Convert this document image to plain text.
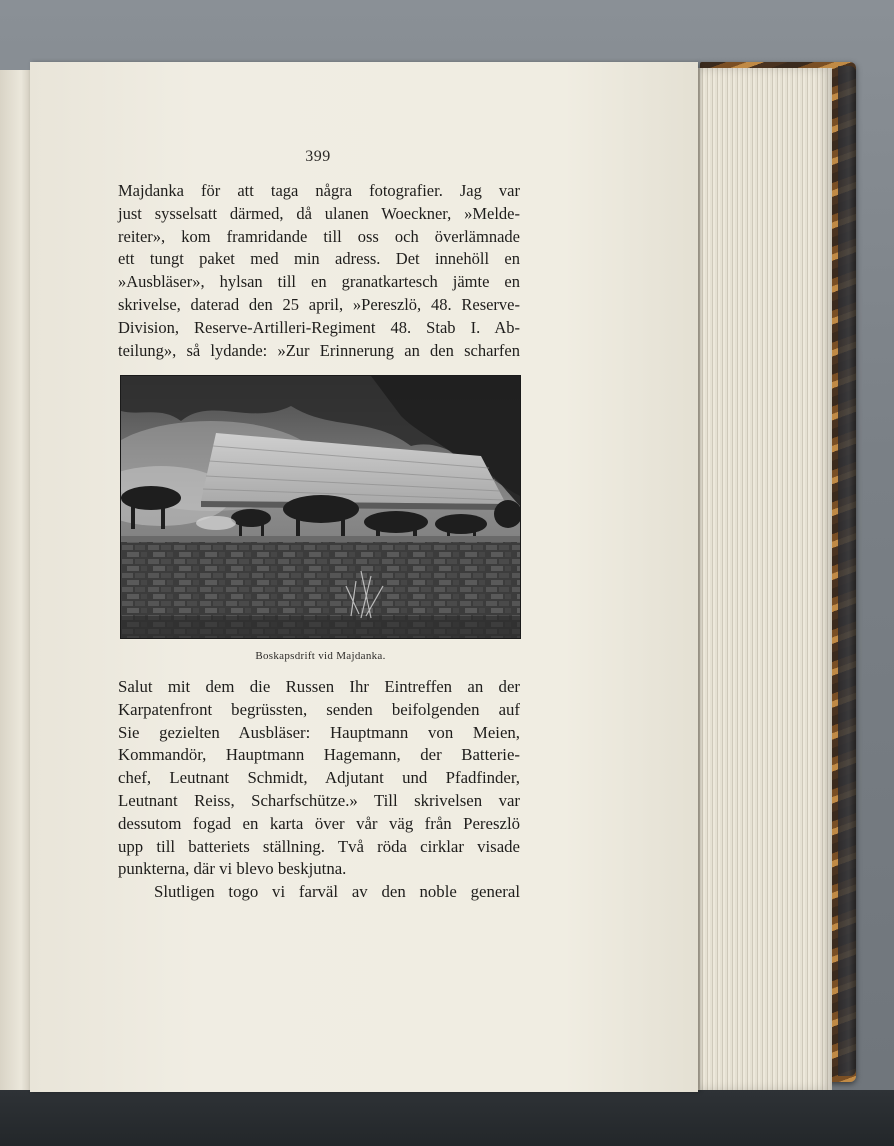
399
Majdanka för att taga några fotografier. Jag var
just sysselsatt därmed, då ulanen Woeckner, »Melde-
reiter», kom framridande till oss och överlämnade
ett tungt paket med min adress. Det innehöll en
»Ausbläser», hylsan till en granatkartesch jämte en
skrivelse, daterad den 25 april, »Pereszlö, 48. Reserve-
Division, Reserve-Artilleri-Regiment 48. Stab I. Ab-
teilung», så lydande: »Zur Erinnerung an den scharfen
Boskapsdrift vid Majdanka.
Salut mit dem die Russen Ihr Eintreffen an der
Karpatenfront begrüssten, senden beifolgenden auf
Sie gezielten Ausbläser: Hauptmann von Meien,
Kommandör, Hauptmann Hagemann, der Batterie-
chef, Leutnant Schmidt, Adjutant und Pfadfinder,
Leutnant Reiss, Scharfschütze.» Till skrivelsen var
dessutom fogad en karta över vår väg från Pereszlö
upp till batteriets ställning. Två röda cirklar visade
punkterna, där vi blevo beskjutna.
Slutligen togo vi farväl av den noble general
